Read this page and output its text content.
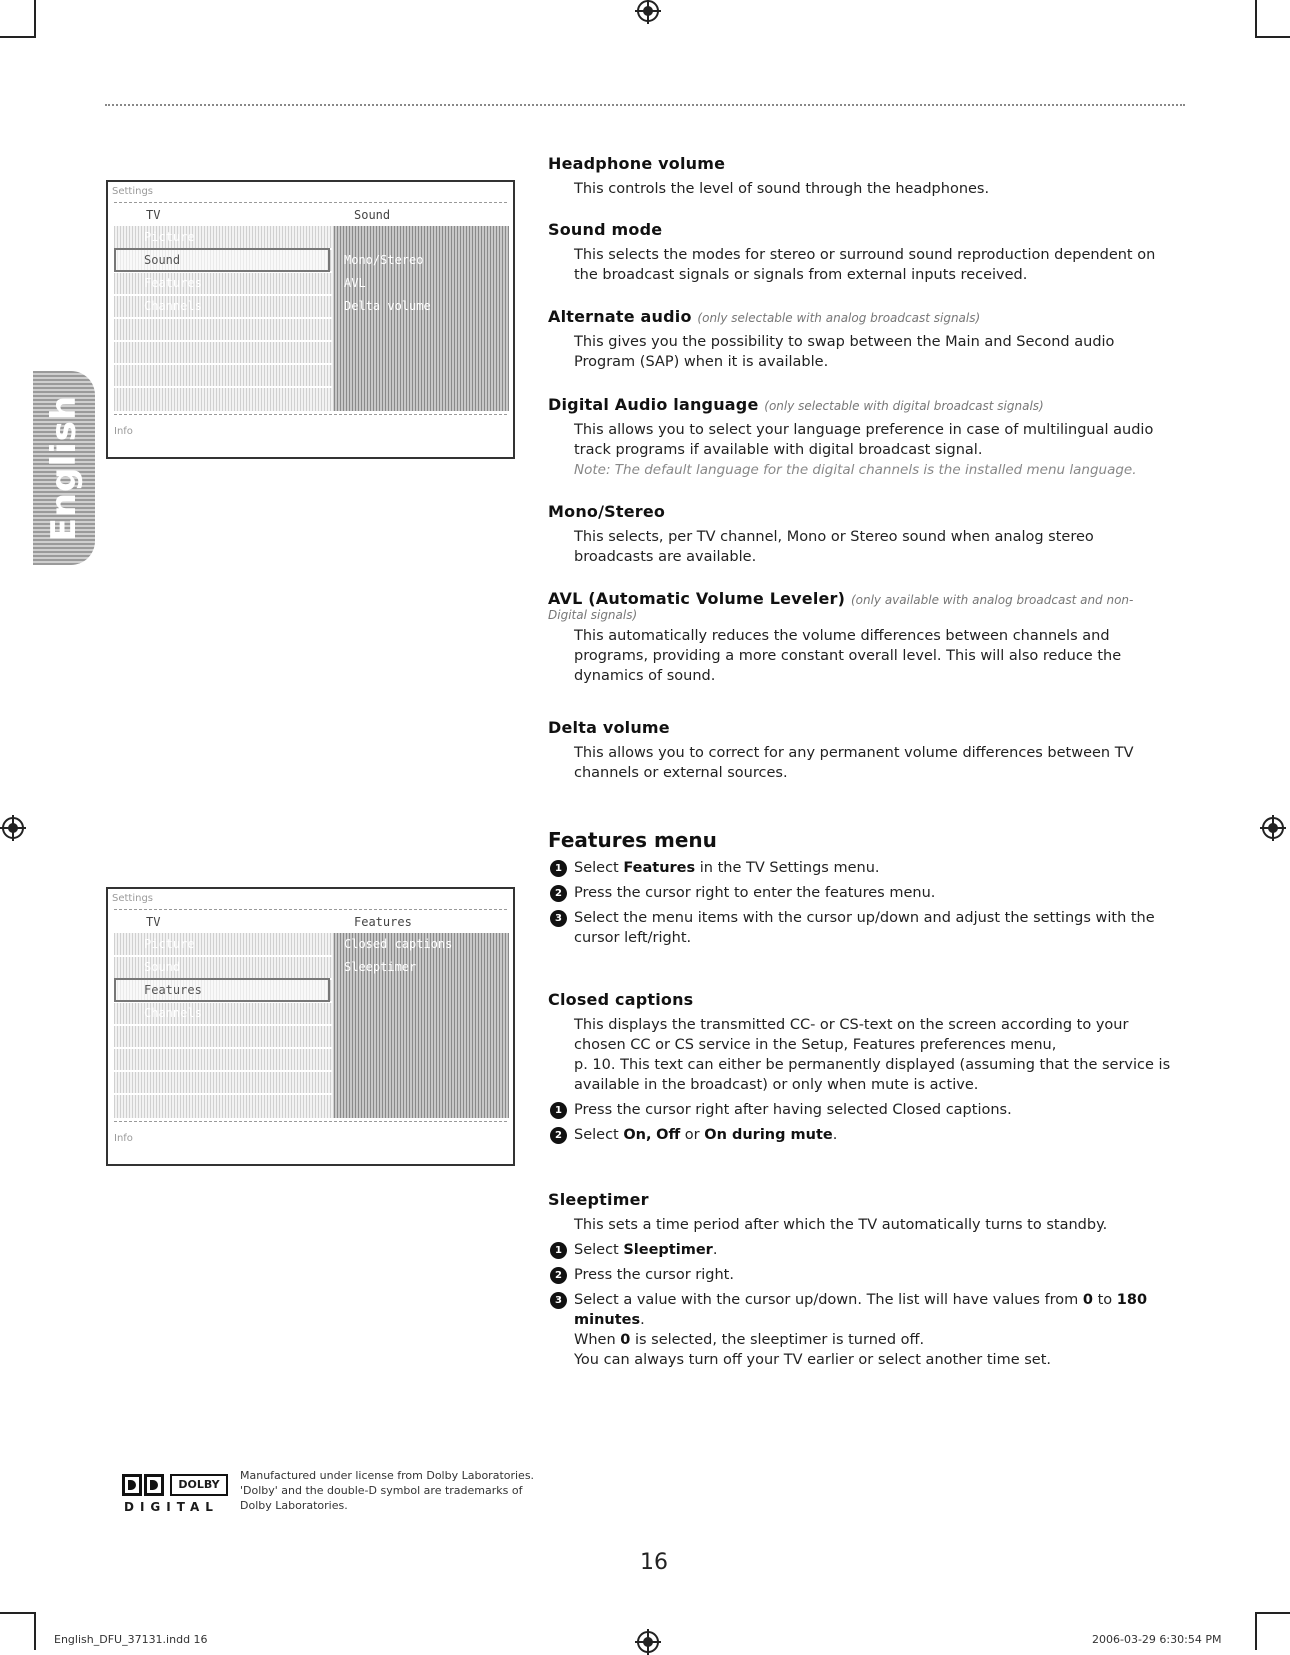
English
Settings
TV	Sound
Picture
Sound
Features
Channels
Mono/Stereo
AVL
Delta volume
Info
Settings
TV	Features
Picture
Sound
Features
Channels
Closed captions
Sleeptimer
Info
Headphone volume

This controls the level of sound through the headphones.

Sound mode

This selects the modes for stereo or surround sound reproduction dependent on

the broadcast signals or signals from external inputs received.

Alternate audio (only selectable with analog broadcast signals)

This gives you the possibility to swap between the Main and Second audio

Program (SAP) when it is available.

Digital Audio language (only selectable with digital broadcast signals)

This allows you to select your language preference in case of multilingual audio

track programs if available with digital broadcast signal.

Note: The default language for the digital channels is the installed menu language.

Mono/Stereo

This selects, per TV channel, Mono or Stereo sound when analog stereo

broadcasts are available.

AVL (Automatic Volume Leveler) (only available with analog broadcast and non-
Digital signals)

This automatically reduces the volume differences between channels and

programs, providing a more constant overall level. This will also reduce the

dynamics of sound.

Delta volume

This allows you to correct for any permanent volume differences between TV

channels or external sources.

Features menu
1 Select Features in the TV Settings menu.
2 Press the cursor right to enter the features menu.
3 Select the menu items with the cursor up/down and adjust the settings with the
cursor left/right.
Closed captions

This displays the transmitted CC- or CS-text on the screen according to your

chosen CC or CS service in the Setup, Features preferences menu,

p. 10. This text can either be permanently displayed (assuming that the service is

available in the broadcast) or only when mute is active.

1 Press the cursor right after having selected Closed captions.
2 Select On, Off or On during mute.
Sleeptimer

This sets a time period after which the TV automatically turns to standby.

1 Select Sleeptimer.
2 Press the cursor right.
3 Select a value with the cursor up/down. The list will have values from 0 to 180
minutes.
When 0 is selected, the sleeptimer is turned off.
You can always turn off your TV earlier or select another time set.
DOLBY
DIGITAL
Manufactured under license from Dolby Laboratories.
'Dolby' and the double-D symbol are trademarks of
Dolby Laboratories.
16
English_DFU_37131.indd 16	2006-03-29 6:30:54 PM
